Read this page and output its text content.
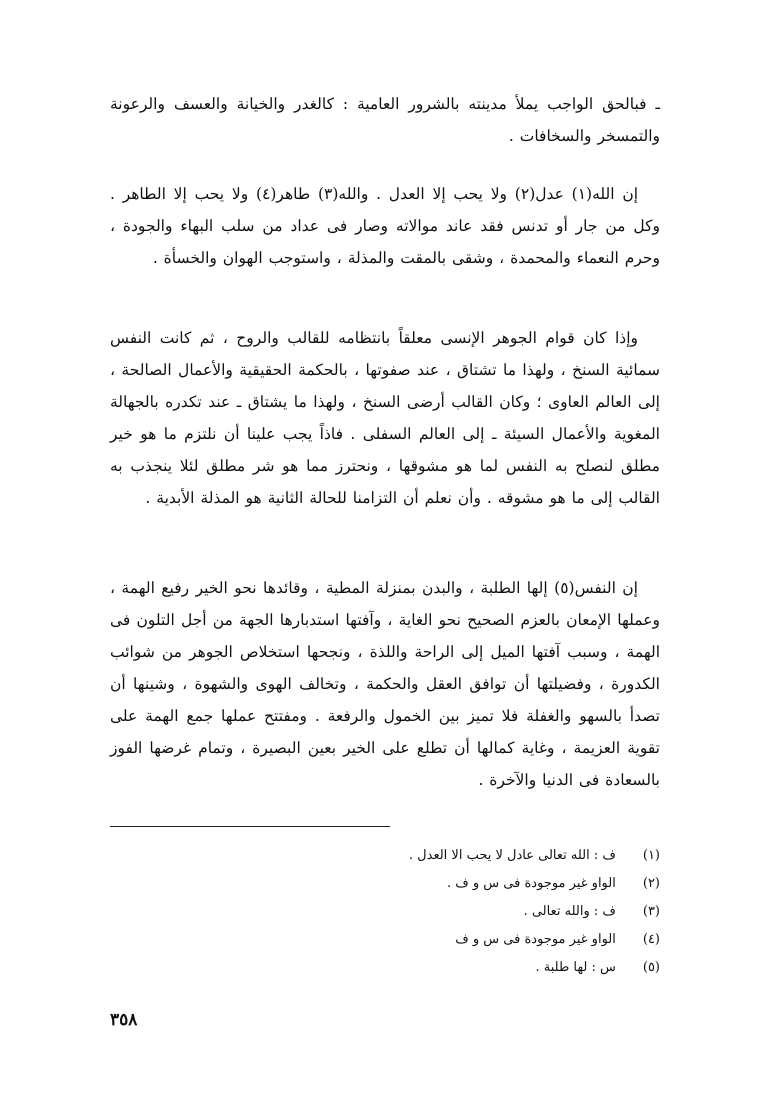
ـ فبالحق الواجب يملأ مدينته بالشرور العامية : كالغدر والخيانة والعسف والرعونة والتمسخر والسخافات .

إن الله(١) عدل(٢) ولا يحب إلا العدل . والله(٣) طاهر(٤) ولا يحب إلا الطاهر . وكل من جار أو تدنس فقد عاند موالاته وصار فى عداد من سلب البهاء والجودة ، وحرم النعماء والمحمدة ، وشقى بالمقت والمذلة ، واستوجب الهوان والخسأة .

وإذا كان قوام الجوهر الإنسى معلقاً بانتظامه للقالب والروح ، ثم كانت النفس سمائية السنخ ، ولهذا ما تشتاق ، عند صفوتها ، بالحكمة الحقيقية والأعمال الصالحة ، إلى العالم العاوى ؛ وكان القالب أرضى السنخ ، ولهذا ما يشتاق ـ عند تكدره بالجهالة المغوية والأعمال السيئة ـ إلى العالم السفلى . فاذاً يجب علينا أن نلتزم ما هو خير مطلق لنصلح به النفس لما هو مشوقها ، ونحترز مما هو شر مطلق لئلا ينجذب به القالب إلى ما هو مشوقه . وأن نعلم أن التزامنا للحالة الثانية هو المذلة الأبدية .

إن النفس(٥) إلها الطلبة ، والبدن بمنزلة المطية ، وقائدها نحو الخير رفيع الهمة ، وعملها الإمعان بالعزم الصحيح نحو الغاية ، وآفتها استدبارها الجهة من أجل التلون فى الهمة ، وسبب آفتها الميل إلى الراحة واللذة ، ونجحها استخلاص الجوهر من شوائب الكدورة ، وفضيلتها أن توافق العقل والحكمة ، وتخالف الهوى والشهوة ، وشينها أن تصدأ بالسهو والغفلة فلا تميز بين الخمول والرفعة . ومفتتح عملها جمع الهمة على تقوية العزيمة ، وغاية كمالها أن تطلع على الخير بعين البصيرة ، وتمام غرضها الفوز بالسعادة فى الدنيا والآخرة .

(١) ف : الله تعالى عادل لا يحب الا العدل .
(٢) الواو غير موجودة فى س و ف .
(٣) ف : والله تعالى .
(٤) الواو غير موجودة فى س و ف
(٥) س : لها طلبة .
٣٥٨
